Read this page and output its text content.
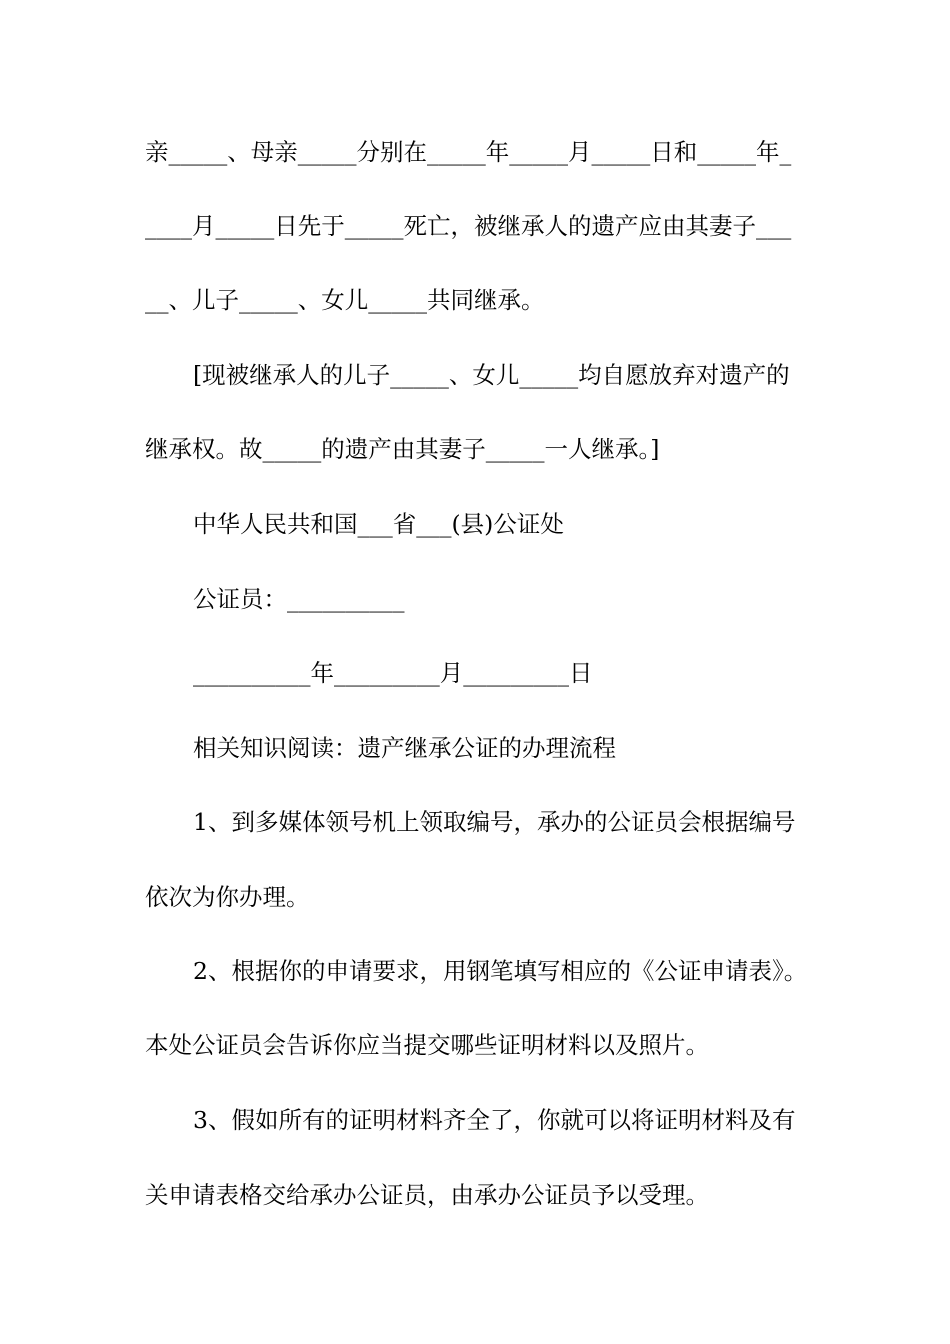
亲_____、母亲_____分别在_____年_____月_____日和_____年_
____月_____日先于_____死亡，被继承人的遗产应由其妻子___
__、儿子_____、女儿_____共同继承。
[现被继承人的儿子_____、女儿_____均自愿放弃对遗产的
继承权。故_____的遗产由其妻子_____一人继承。]
中华人民共和国___省___(县)公证处
公证员：__________
__________年_________月_________日
相关知识阅读：遗产继承公证的办理流程
1、到多媒体领号机上领取编号，承办的公证员会根据编号
依次为你办理。
2、根据你的申请要求，用钢笔填写相应的《公证申请表》。
本处公证员会告诉你应当提交哪些证明材料以及照片。
3、假如所有的证明材料齐全了，你就可以将证明材料及有
关申请表格交给承办公证员，由承办公证员予以受理。
